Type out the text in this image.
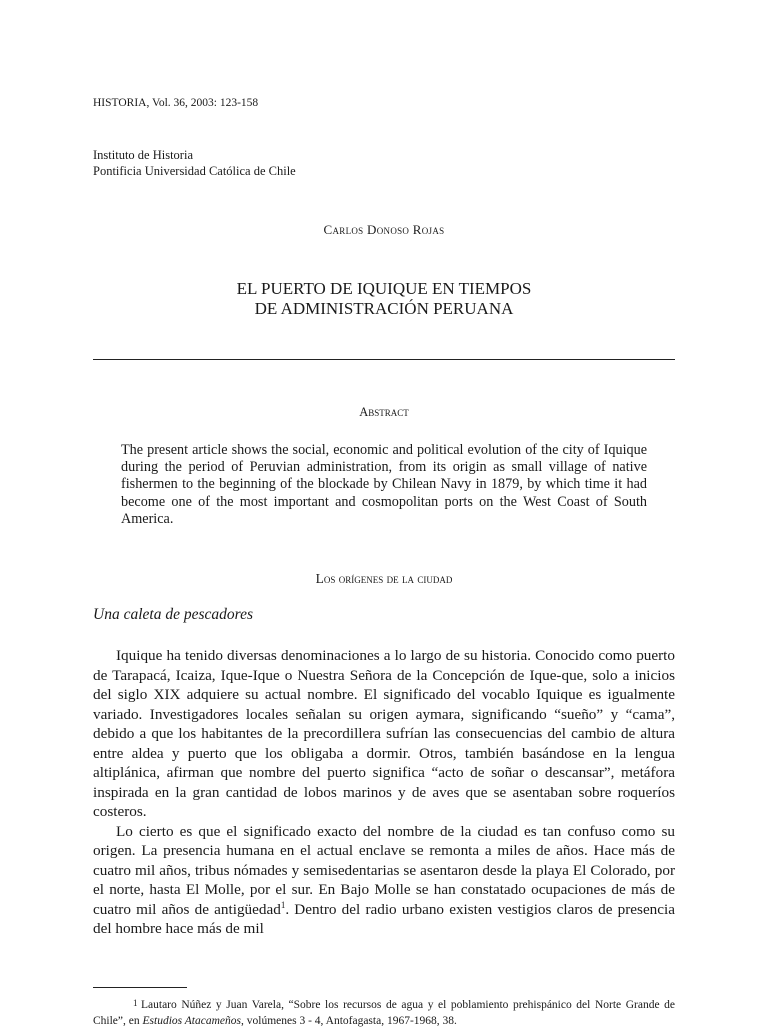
HISTORIA, Vol. 36, 2003: 123-158
Instituto de Historia
Pontificia Universidad Católica de Chile
Carlos Donoso Rojas
EL PUERTO DE IQUIQUE EN TIEMPOS
DE ADMINISTRACIÓN PERUANA
Abstract
The present article shows the social, economic and political evolution of the city of Iquique during the period of Peruvian administration, from its origin as small village of native fishermen to the beginning of the blockade by Chilean Navy in 1879, by which time it had become one of the most important and cosmopolitan ports on the West Coast of South America.
Los orígenes de la ciudad
Una caleta de pescadores

Iquique ha tenido diversas denominaciones a lo largo de su historia. Conocido como puerto de Tarapacá, Icaiza, Ique-Ique o Nuestra Señora de la Concepción de Ique-que, solo a inicios del siglo XIX adquiere su actual nombre. El significado del vocablo Iquique es igualmente variado. Investigadores locales señalan su origen aymara, significando “sueño” y “cama”, debido a que los habitantes de la precordillera sufrían las consecuencias del cambio de altura entre aldea y puerto que los obligaba a dormir. Otros, también basándose en la lengua altiplánica, afirman que nombre del puerto significa “acto de soñar o descansar”, metáfora inspirada en la gran cantidad de lobos marinos y de aves que se asentaban sobre roqueríos costeros.

Lo cierto es que el significado exacto del nombre de la ciudad es tan confuso como su origen. La presencia humana en el actual enclave se remonta a miles de años. Hace más de cuatro mil años, tribus nómades y semisedentarias se asentaron desde la playa El Colorado, por el norte, hasta El Molle, por el sur. En Bajo Molle se han constatado ocupaciones de más de cuatro mil años de antigüedad$^1$. Dentro del radio urbano existen vestigios claros de presencia del hombre hace más de mil

1 Lautaro Núñez y Juan Varela, “Sobre los recursos de agua y el poblamiento prehispánico del Norte Grande de Chile”, en Estudios Atacameños, volúmenes 3 - 4, Antofagasta, 1967-1968, 38.
